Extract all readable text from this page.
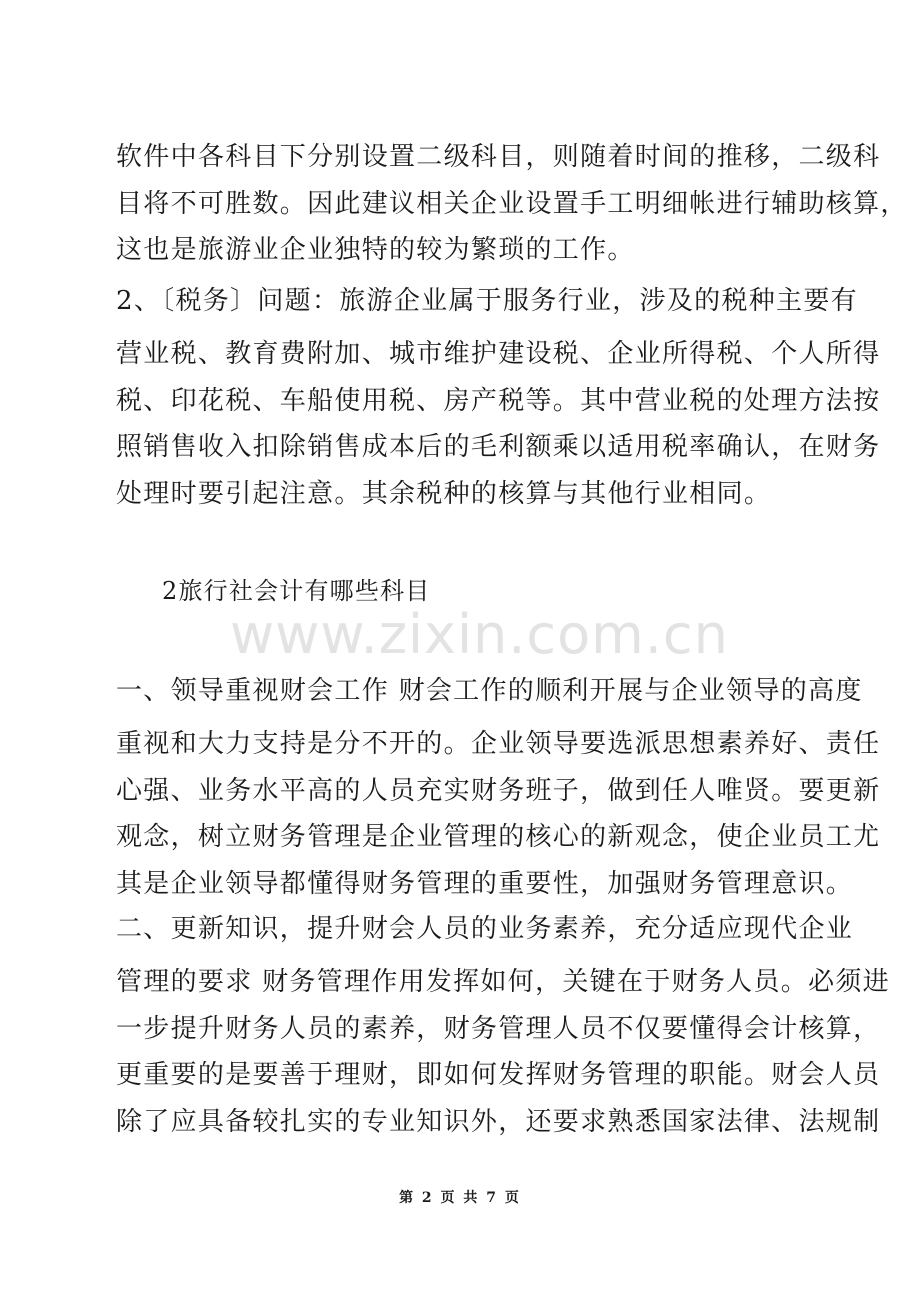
www.zixin.com.cn
软件中各科目下分别设置二级科目，则随着时间的推移，二级科
目将不可胜数。因此建议相关企业设置手工明细帐进行辅助核算，
这也是旅游业企业独特的较为繁琐的工作。
2、〔税务〕问题：旅游企业属于服务行业，涉及的税种主要有
营业税、教育费附加、城市维护建设税、企业所得税、个人所得
税、印花税、车船使用税、房产税等。其中营业税的处理方法按
照销售收入扣除销售成本后的毛利额乘以适用税率确认，在财务
处理时要引起注意。其余税种的核算与其他行业相同。
2旅行社会计有哪些科目
一、领导重视财会工作 财会工作的顺利开展与企业领导的高度
重视和大力支持是分不开的。企业领导要选派思想素养好、责任
心强、业务水平高的人员充实财务班子，做到任人唯贤。要更新
观念，树立财务管理是企业管理的核心的新观念，使企业员工尤
其是企业领导都懂得财务管理的重要性，加强财务管理意识。
二、更新知识，提升财会人员的业务素养，充分适应现代企业
管理的要求 财务管理作用发挥如何，关键在于财务人员。必须进
一步提升财务人员的素养，财务管理人员不仅要懂得会计核算，
更重要的是要善于理财，即如何发挥财务管理的职能。财会人员
除了应具备较扎实的专业知识外，还要求熟悉国家法律、法规制
第 2 页 共 7 页
